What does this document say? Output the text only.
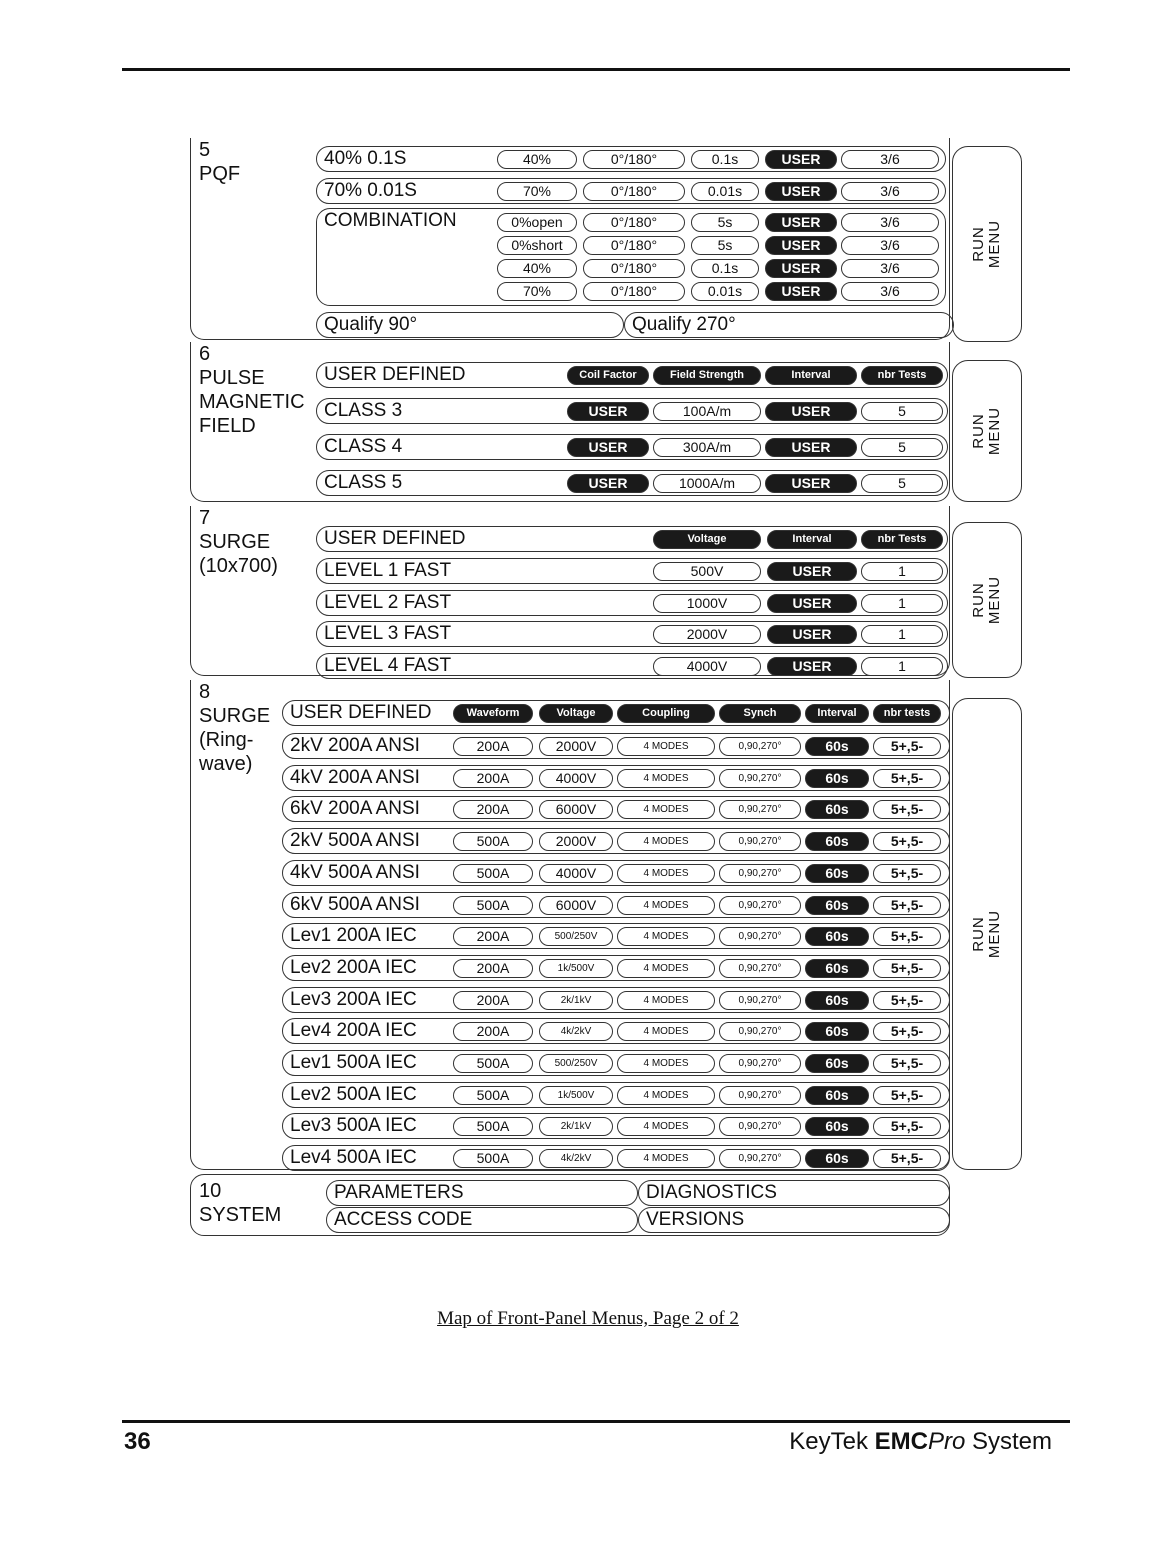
5
PQF
RUN MENU
40% 0.1S	40%	0°/180°	0.1s	USER	3/6
70% 0.01S	70%	0°/180°	0.01s	USER	3/6
COMBINATION	0%open	0°/180°	5s	USER	3/6
0%short	0°/180°	5s	USER	3/6
40%	0°/180°	0.1s	USER	3/6
70%	0°/180°	0.01s	USER	3/6
Qualify 90°	Qualify 270°
6
PULSE
MAGNETIC
FIELD	RUN
MENU
USER DEFINED	Coil Factor	Field Strength	Interval	nbr Tests
CLASS 3	USER	100A/m	USER	5
CLASS 4	USER	300A/m	USER	5
CLASS 5	USER	1000A/m	USER	5
7
SURGE
(10x700)
RUN
MENU
USER DEFINED	Voltage	Interval	nbr Tests
LEVEL 1 FAST	500V	USER	1
LEVEL 2 FAST	1000V	USER	1
LEVEL 3 FAST	2000V	USER	1
LEVEL 4 FAST	4000V	USER	1
8
SURGE
(Ring-
wave)
RUN
MENU
USER DEFINED	Waveform	Voltage	Coupling	Synch	Interval	nbr tests
2kV 200A ANSI	200A	2000V	4 MODES	0,90,270°	60s	5+,5-
4kV 200A ANSI	200A	4000V	4 MODES	0,90,270°	60s	5+,5-
6kV 200A ANSI	200A	6000V	4 MODES	0,90,270°	60s	5+,5-
2kV 500A ANSI	500A	2000V	4 MODES	0,90,270°	60s	5+,5-
4kV 500A ANSI	500A	4000V	4 MODES	0,90,270°	60s	5+,5-
6kV 500A ANSI	500A	6000V	4 MODES	0,90,270°	60s	5+,5-
Lev1 200A IEC	200A	500/250V	4 MODES	0,90,270°	60s	5+,5-
Lev2 200A IEC	200A	1k/500V	4 MODES	0,90,270°	60s	5+,5-
Lev3 200A IEC	200A	2k/1kV	4 MODES	0,90,270°	60s	5+,5-
Lev4 200A IEC	200A	4k/2kV	4 MODES	0,90,270°	60s	5+,5-
Lev1 500A IEC	500A	500/250V	4 MODES	0,90,270°	60s	5+,5-
Lev2 500A IEC	500A	1k/500V	4 MODES	0,90,270°	60s	5+,5-
Lev3 500A IEC	500A	2k/1kV	4 MODES	0,90,270°	60s	5+,5-
Lev4 500A IEC	500A	4k/2kV	4 MODES	0,90,270°	60s	5+,5-
10
SYSTEM
PARAMETERS	DIAGNOSTICS
ACCESS CODE	VERSIONS
Map of Front-Panel Menus, Page 2 of 2
36	KeyTek EMCPro System
